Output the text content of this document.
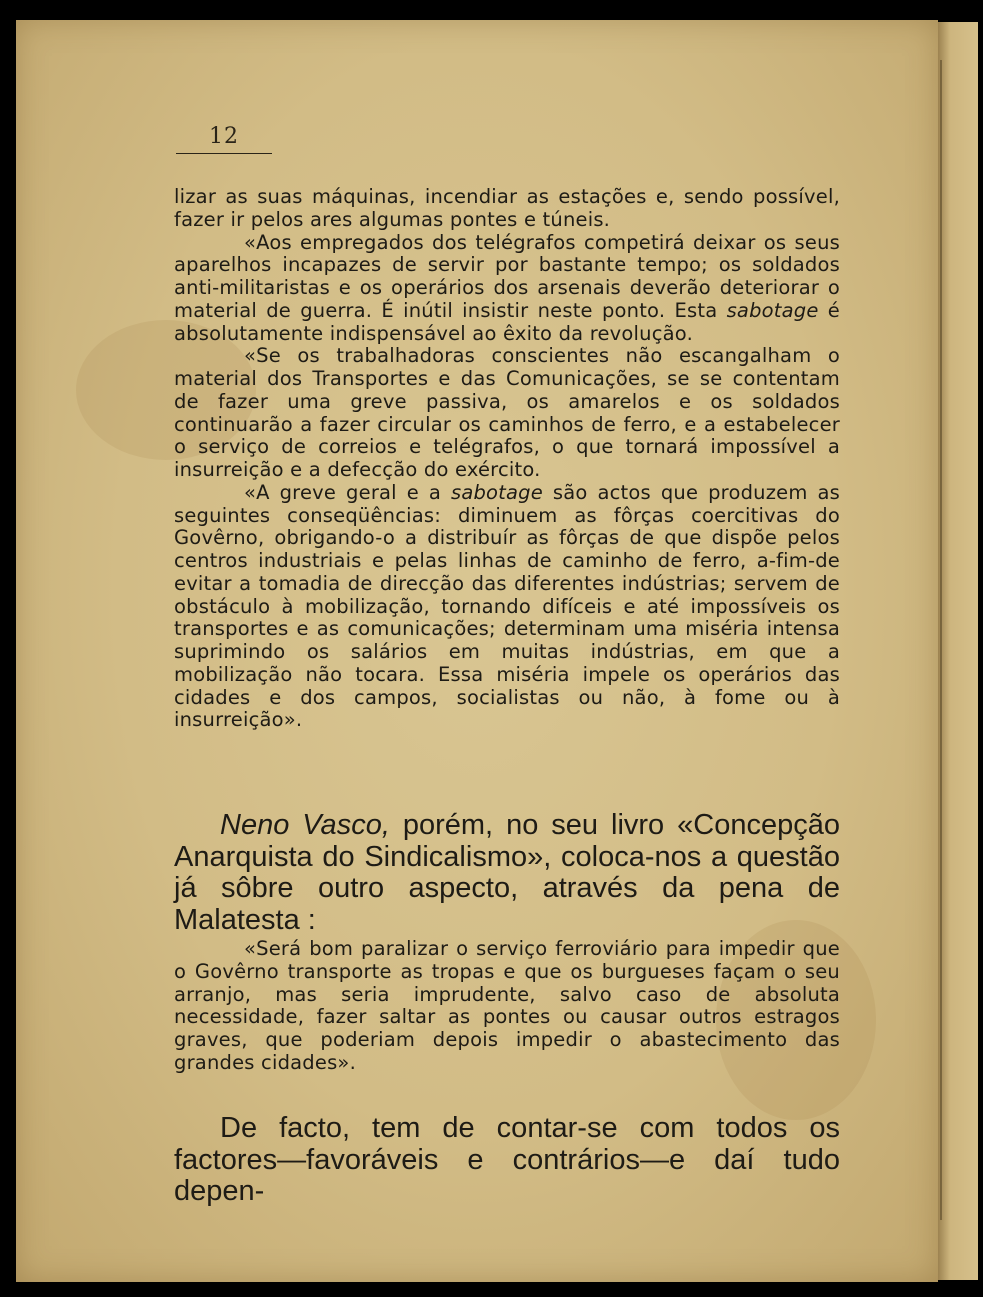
12

lizar as suas máquinas, incendiar as estações e, sendo possível, fazer ir pelos ares algumas pontes e túneis.

«Aos empregados dos telégrafos competirá deixar os seus aparelhos incapazes de servir por bastante tempo; os soldados anti-militaristas e os operários dos arsenais deverão deteriorar o material de guerra. É inútil insistir neste ponto. Esta sabotage é absolutamente indispensável ao êxito da revolução.

«Se os trabalhadoras conscientes não escangalham o material dos Transportes e das Comunicações, se se contentam de fazer uma greve passiva, os amarelos e os soldados continuarão a fazer circular os caminhos de ferro, e a estabelecer o serviço de correios e telégrafos, o que tornará impossível a insurreição e a defecção do exército.

«A greve geral e a sabotage são actos que produzem as seguintes conseqüências: diminuem as fôrças coercitivas do Govêrno, obrigando-o a distribuír as fôrças de que dispõe pelos centros industriais e pelas linhas de caminho de ferro, a-fim-de evitar a tomadia de direcção das diferentes indústrias; servem de obstáculo à mobilização, tornando difíceis e até impossíveis os transportes e as comunicações; determinam uma miséria intensa suprimindo os salários em muitas indústrias, em que a mobilização não tocara. Essa miséria impele os operários das cidades e dos campos, socialistas ou não, à fome ou à insurreição».

Neno Vasco, porém, no seu livro «Concepção Anarquista do Sindicalismo», coloca-nos a questão já sôbre outro aspecto, através da pena de Malatesta :

«Será bom paralizar o serviço ferroviário para impedir que o Govêrno transporte as tropas e que os burgueses façam o seu arranjo, mas seria imprudente, salvo caso de absoluta necessidade, fazer saltar as pontes ou causar outros estragos graves, que poderiam depois impedir o abastecimento das grandes cidades».

De facto, tem de contar-se com todos os factores—favoráveis e contrários—e daí tudo depen-
